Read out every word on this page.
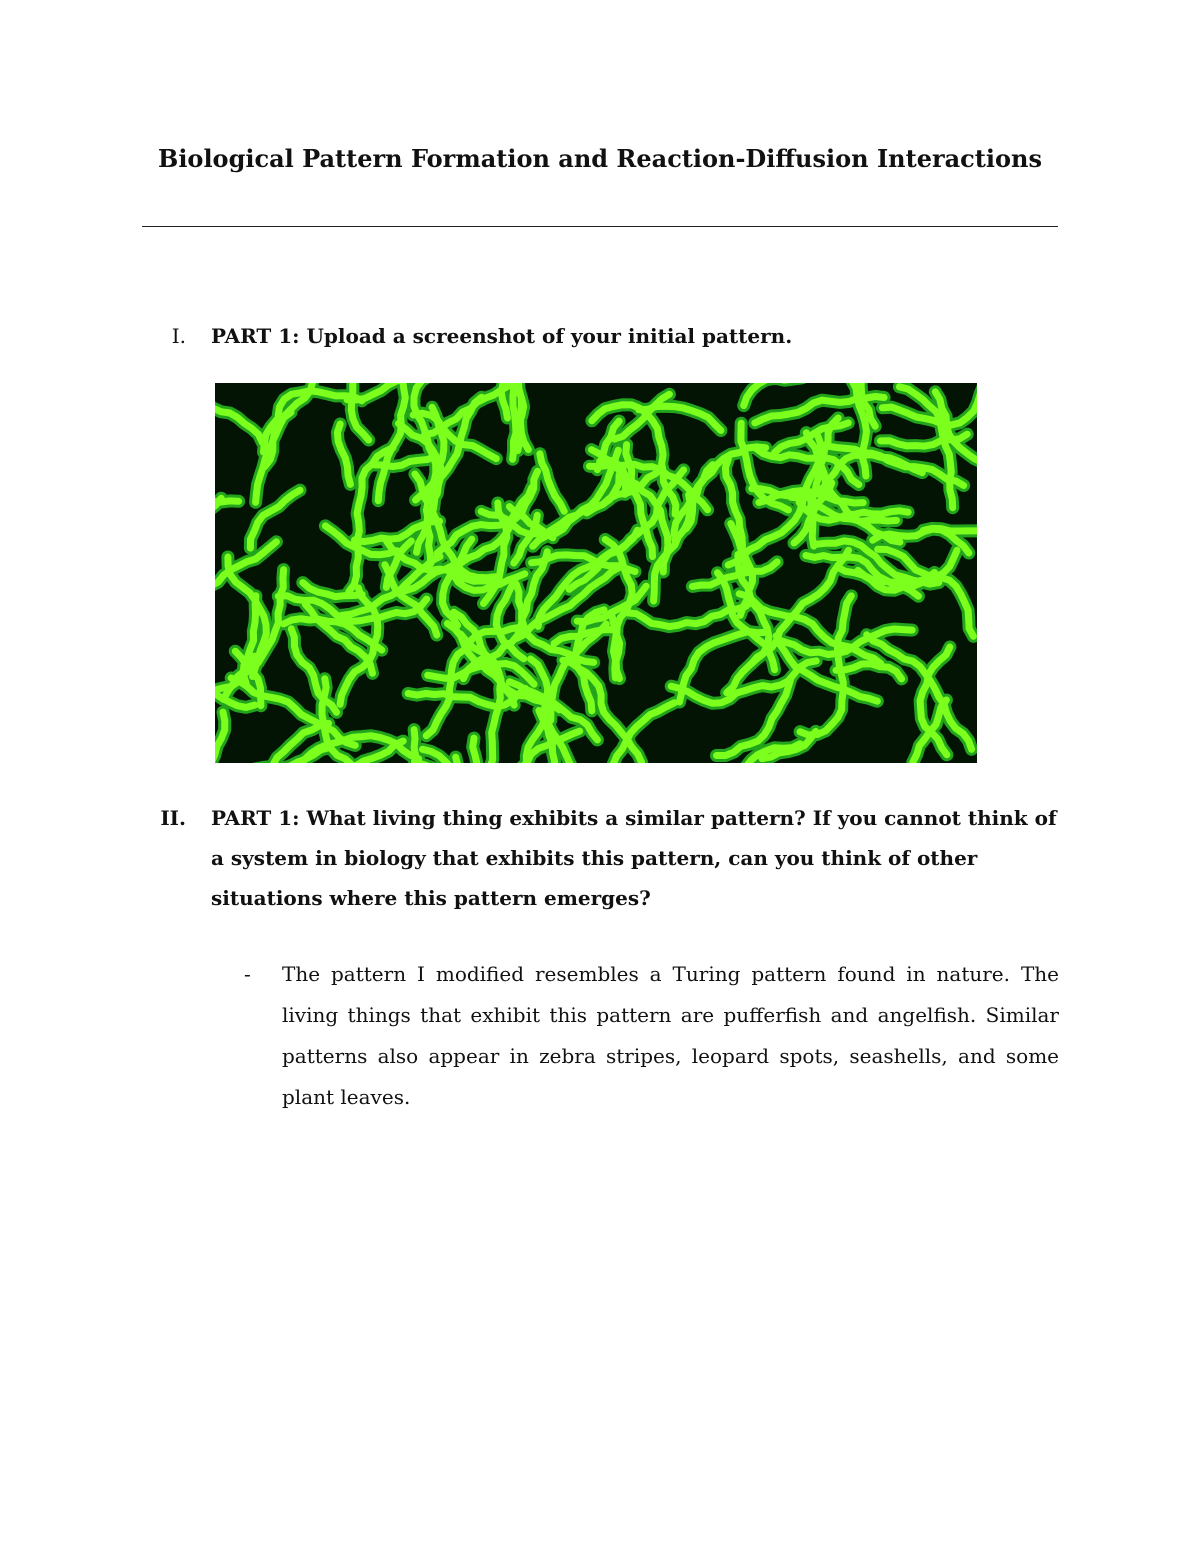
Biological Pattern Formation and Reaction-Diffusion Interactions
I. PART 1: Upload a screenshot of your initial pattern.
II. PART 1: What living thing exhibits a similar pattern? If you cannot think of a system in biology that exhibits this pattern, can you think of other situations where this pattern emerges?
- The pattern I modified resembles a Turing pattern found in nature. The living things that exhibit this pattern are pufferfish and angelfish. Similar patterns also appear in zebra stripes, leopard spots, seashells, and some plant leaves.
